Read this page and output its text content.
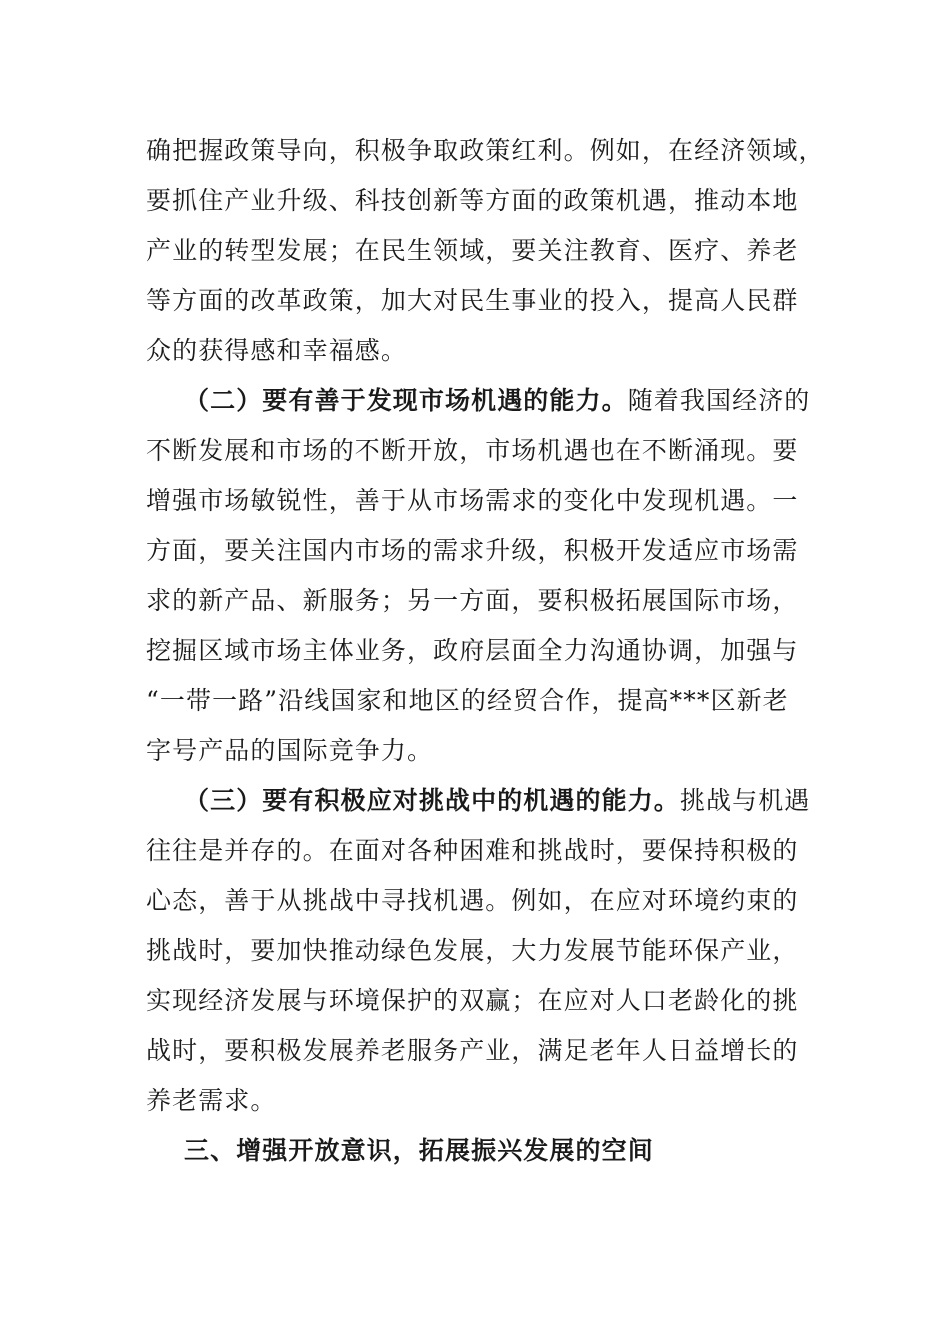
确把握政策导向，积极争取政策红利。例如，在经济领域，
要抓住产业升级、科技创新等方面的政策机遇，推动本地
产业的转型发展；在民生领域，要关注教育、医疗、养老
等方面的改革政策，加大对民生事业的投入，提高人民群
众的获得感和幸福感。
（二）要有善于发现市场机遇的能力。随着我国经济的
不断发展和市场的不断开放，市场机遇也在不断涌现。要
增强市场敏锐性，善于从市场需求的变化中发现机遇。一
方面，要关注国内市场的需求升级，积极开发适应市场需
求的新产品、新服务；另一方面，要积极拓展国际市场，
挖掘区域市场主体业务，政府层面全力沟通协调，加强与
“一带一路”沿线国家和地区的经贸合作，提高***区新老
字号产品的国际竞争力。
（三）要有积极应对挑战中的机遇的能力。挑战与机遇
往往是并存的。在面对各种困难和挑战时，要保持积极的
心态，善于从挑战中寻找机遇。例如，在应对环境约束的
挑战时，要加快推动绿色发展，大力发展节能环保产业，
实现经济发展与环境保护的双赢；在应对人口老龄化的挑
战时，要积极发展养老服务产业，满足老年人日益增长的
养老需求。
三、增强开放意识，拓展振兴发展的空间
